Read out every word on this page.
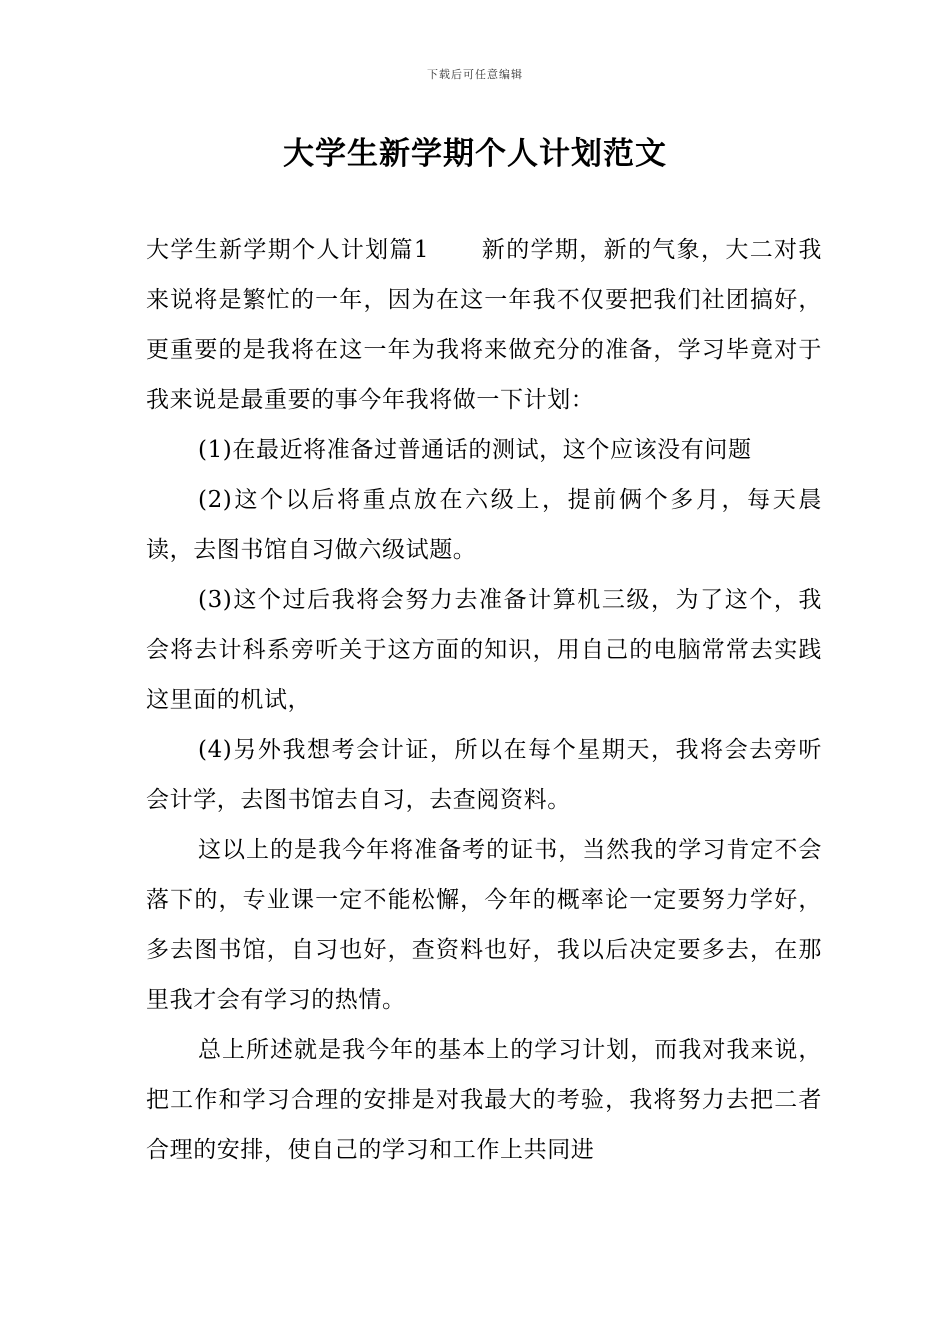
下载后可任意编辑
大学生新学期个人计划范文

大学生新学期个人计划篇1 新的学期，新的气象，大二对我来说将是繁忙的一年，因为在这一年我不仅要把我们社团搞好，更重要的是我将在这一年为我将来做充分的准备，学习毕竟对于我来说是最重要的事今年我将做一下计划：

(1)在最近将准备过普通话的测试，这个应该没有问题

(2)这个以后将重点放在六级上，提前俩个多月，每天晨读，去图书馆自习做六级试题。

(3)这个过后我将会努力去准备计算机三级，为了这个，我会将去计科系旁听关于这方面的知识，用自己的电脑常常去实践这里面的机试，

(4)另外我想考会计证，所以在每个星期天，我将会去旁听会计学，去图书馆去自习，去查阅资料。

这以上的是我今年将准备考的证书，当然我的学习肯定不会落下的，专业课一定不能松懈，今年的概率论一定要努力学好，多去图书馆，自习也好，查资料也好，我以后决定要多去，在那里我才会有学习的热情。

总上所述就是我今年的基本上的学习计划，而我对我来说，把工作和学习合理的安排是对我最大的考验，我将努力去把二者合理的安排，使自己的学习和工作上共同进
